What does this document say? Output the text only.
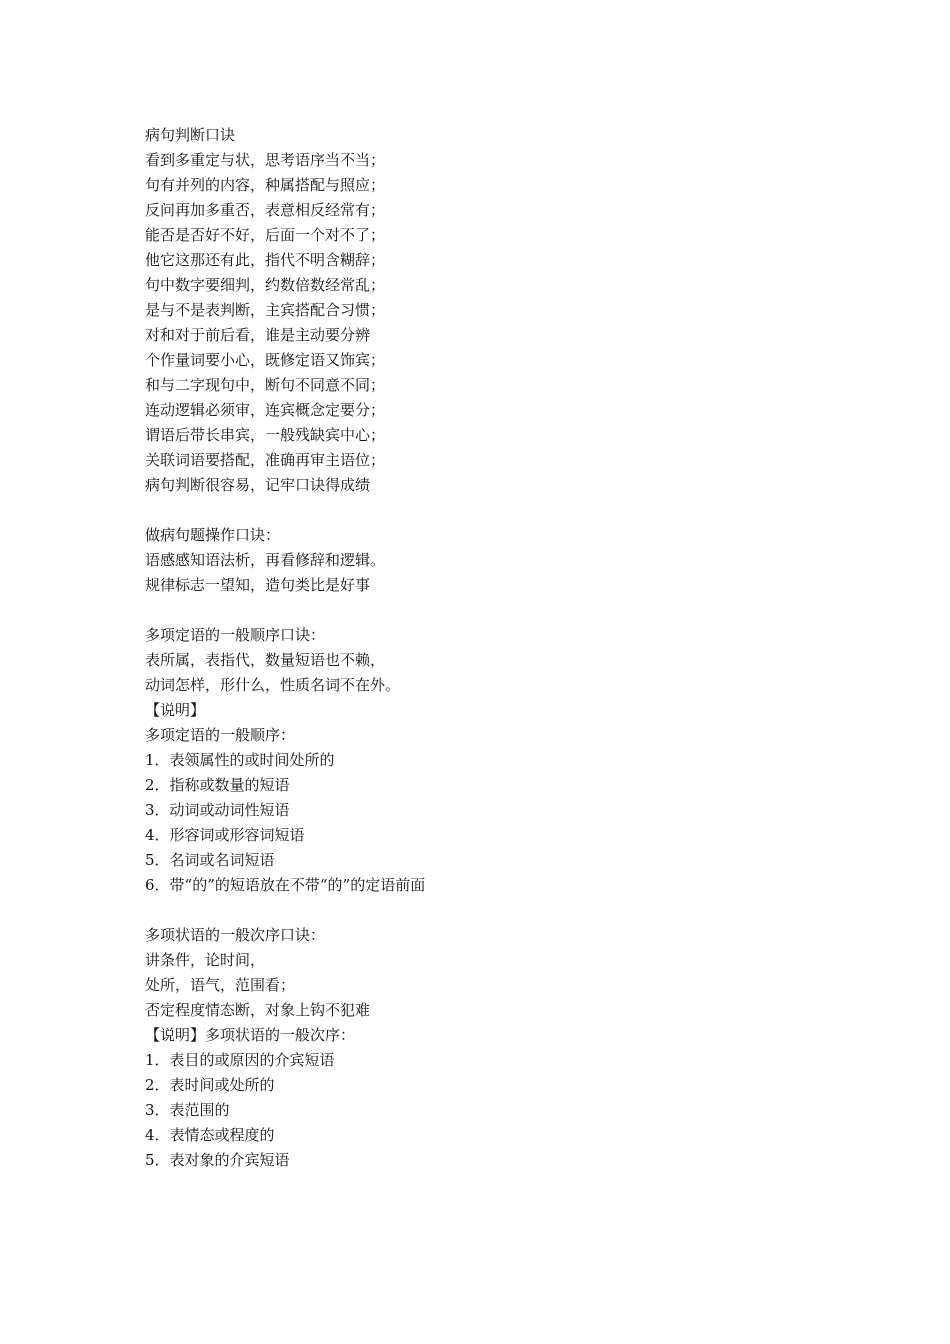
病句判断口诀
看到多重定与状，思考语序当不当；
句有并列的内容，种属搭配与照应；
反问再加多重否，表意相反经常有；
能否是否好不好，后面一个对不了；
他它这那还有此，指代不明含糊辞；
句中数字要细判，约数倍数经常乱；
是与不是表判断，主宾搭配合习惯；
对和对于前后看，谁是主动要分辨
个作量词要小心，既修定语又饰宾；
和与二字现句中，断句不同意不同；
连动逻辑必须审，连宾概念定要分；
谓语后带长串宾，一般残缺宾中心；
关联词语要搭配，准确再审主语位；
病句判断很容易，记牢口诀得成绩
做病句题操作口诀：
语感感知语法析，再看修辞和逻辑。
规律标志一望知，造句类比是好事
多项定语的一般顺序口诀：
表所属，表指代，数量短语也不赖，
动词怎样，形什么，性质名词不在外。
【说明】
多项定语的一般顺序：
1．表领属性的或时间处所的
2．指称或数量的短语
3．动词或动词性短语
4．形容词或形容词短语
5．名词或名词短语
6．带“的”的短语放在不带“的”的定语前面
多项状语的一般次序口诀：
讲条件，论时间，
处所，语气，范围看；
否定程度情态断，对象上钩不犯难
【说明】多项状语的一般次序：
1．表目的或原因的介宾短语
2．表时间或处所的
3．表范围的
4．表情态或程度的
5．表对象的介宾短语
